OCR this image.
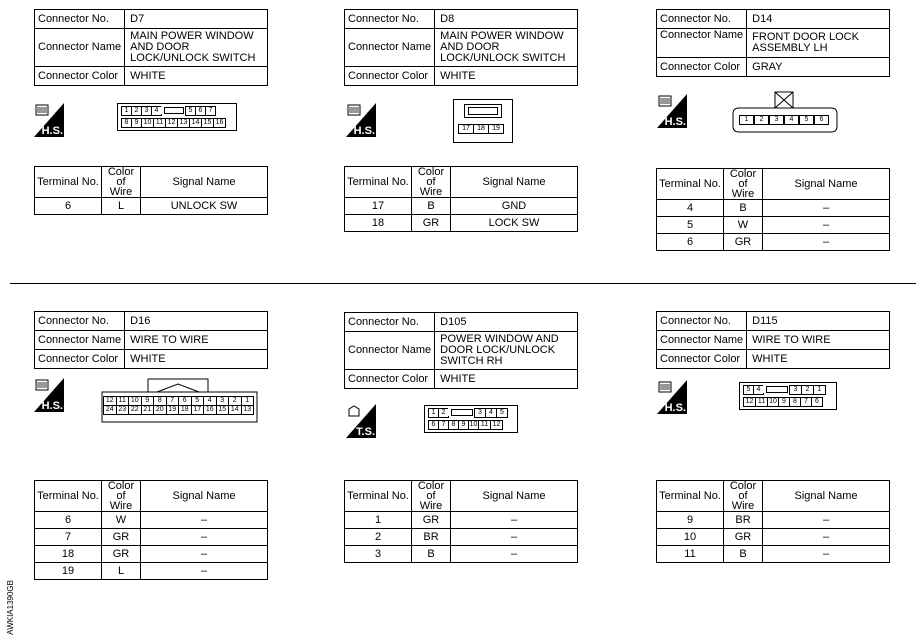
Connector No.	D7
Connector Name	MAIN POWER WINDOW AND DOOR LOCK/UNLOCK SWITCH
Connector Color	WHITE
H.S.
1 2 3 4	5 6 7
8 9 10 11 12 13 14 15 16
Terminal No.	Color of Wire	Signal Name
6	L	UNLOCK SW
Connector No.	D8
Connector Name	MAIN POWER WINDOW AND DOOR LOCK/UNLOCK SWITCH
Connector Color	WHITE
H.S.	17	18	19
Terminal No.	Color of Wire	Signal Name
17	B	GND
18	GR	LOCK SW
Connector No.	D14
Connector Name	FRONT DOOR LOCK ASSEMBLY LH
Connector Color	GRAY
H.S.	1	2	3	4	5	6
Terminal No.	Color of Wire	Signal Name
4	B	–
5	W	–
6	GR	–
Connector No.	D16
Connector Name	WIRE TO WIRE
Connector Color	WHITE
H.S.	12 11 10 9	8	7	6	5	4	3	2	1
24 23 22 21 20 19 18 17 16 15 14 13
Terminal No.	Color of Wire	Signal Name
6	W	–
7	GR	–
18	GR	–
19	L	–
Connector No.	D105
Connector Name	POWER WINDOW AND DOOR LOCK/UNLOCK SWITCH RH
Connector Color	WHITE
T.S.
1 2	3	4	5
6 7 8 9 10 11 12
Terminal No.	Color of Wire	Signal Name
1	GR	–
2	BR	–
3	B	–
Connector No.	D115
Connector Name	WIRE TO WIRE
Connector Color	WHITE
H.S.
5 4	3	2	1
12 11 10 9	8	7	6
Terminal No.	Color of Wire	Signal Name
9	BR	–
10	GR	–
11	B	–
AWKIA1390GB
